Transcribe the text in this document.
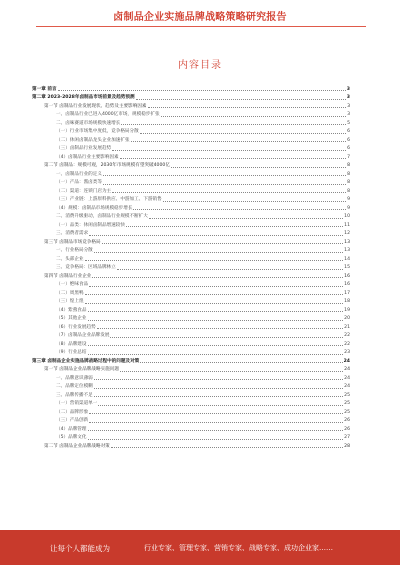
卤制品企业实施品牌战略策略研究报告
内容目录
第一章 前言	3
第二章 2023-2028年卤制品市场前景及趋势预测	3
第一节 卤制品行业发展现状、趋势及主要影响因素	3
一、卤制品行业已进入4000亿市场，规模稳步扩张	3
二、卤味赛道市场规模快速增长	5
（一）行业市场集中度低，竞争格局分散	6
（二）休闲卤制品龙头企业加速扩张	6
（三）卤制品行业发展趋势	6
（4）卤制品行业主要影响因素	7
第二节 卤制品：规模可观，2030年市场规模有望突破4000亿	8
一、卤制品行业的定义	8
（一）产品：酱卤类等	8
（二）渠道：连锁门店为主	8
（三）产业链：上游原料供应、中游加工、下游销售	9
（4）规模：卤制品市场规模稳步增长	9
二、消费升级驱动，卤制品行业规模不断扩大	10
（一）品类：休闲卤制品增速较快	11
三、消费者需求	12
第三节 卤制品市场竞争格局	13
一、行业格局分散	13
二、头部企业	14
三、竞争格局：区域品牌林立	15
第四节 卤制品行业企业	16
（一）绝味食品	16
（二）周黑鸭	17
（三）煌上煌	18
（4）紫燕食品	19
（5）其他企业	20
（6）行业发展趋势	21
（7）卤制品企业品牌发展	22
（8）品牌建设	22
（9）行业总结	23
第三章 卤制品企业实施品牌战略过程中的问题及对策	24
第一节 卤制品企业品牌战略实施问题	24
一、品牌意识薄弱	24
二、品牌定位模糊	24
三、品牌传播不足	25
（一）营销渠道单一	25
（二）品牌形象	25
（三）产品创新	26
（4）品牌管理	26
（5）品牌文化	27
第二节 卤制品企业品牌战略对策	28
让每个人都能成为	行业专家、管理专家、营销专家、战略专家、成功企业家……
